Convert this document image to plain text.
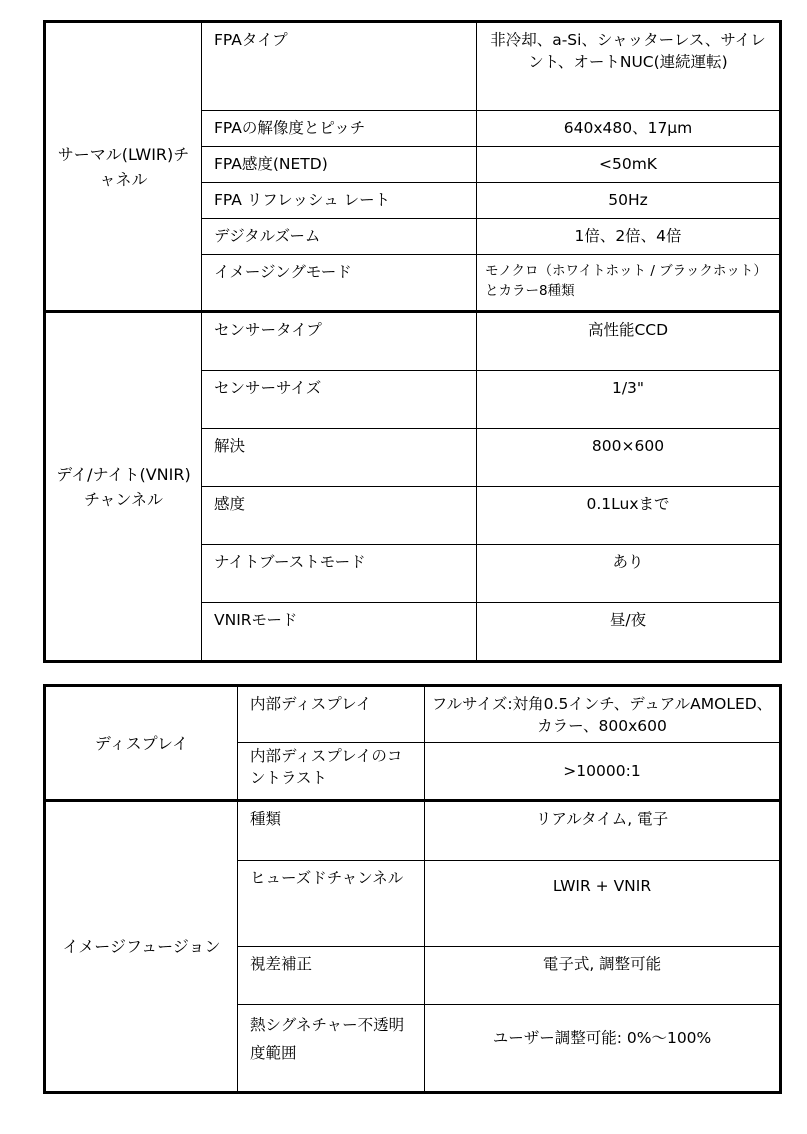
サーマル(LWIR)チャネル	FPAタイプ	非冷却、a-Si、シャッターレス、サイレント、オートNUC(連続運転)
	FPAの解像度とピッチ	640x480、17μm
	FPA感度(NETD)	<50mK
	FPA リフレッシュ レート	50Hz
	デジタルズーム	1倍、2倍、4倍
	イメージングモード	モノクロ（ホワイトホット / ブラックホット）とカラー8種類
デイ/ナイト(VNIR)チャンネル	センサータイプ	高性能CCD
	センサーサイズ	1/3"
	解決	800×600
	感度	0.1Luxまで
	ナイトブーストモード	あり
	VNIRモード	昼/夜
ディスプレイ	内部ディスプレイ	フルサイズ:対角0.5インチ、デュアルAMOLED、カラー、800x600
	内部ディスプレイのコントラスト	>10000:1
イメージフュージョン	種類	リアルタイム, 電子
	ヒューズドチャンネル	LWIR + VNIR
	視差補正	電子式, 調整可能
	熱シグネチャー不透明度範囲	ユーザー調整可能: 0%～100%
